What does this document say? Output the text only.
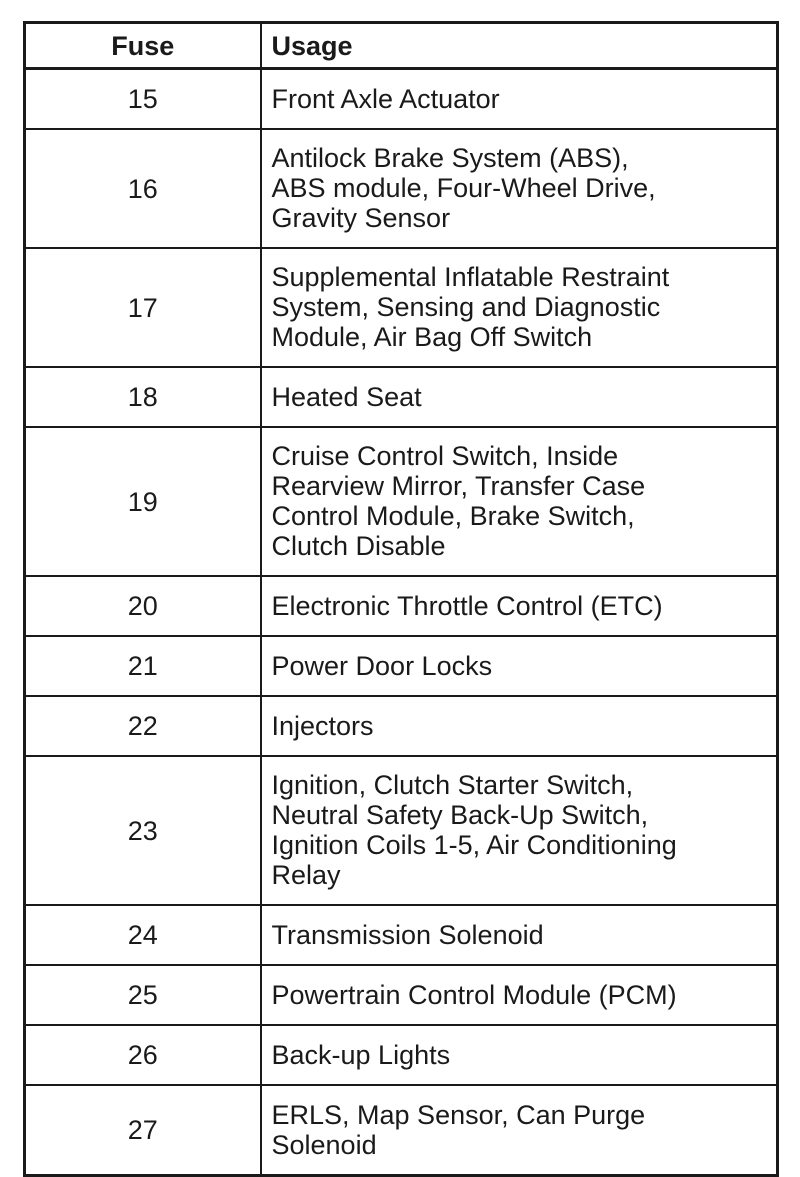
Fuse	Usage
15	Front Axle Actuator
16	Antilock Brake System (ABS),
ABS module, Four-Wheel Drive,
Gravity Sensor
17	Supplemental Inflatable Restraint
System, Sensing and Diagnostic
Module, Air Bag Off Switch
18	Heated Seat
19	Cruise Control Switch, Inside
Rearview Mirror, Transfer Case
Control Module, Brake Switch,
Clutch Disable
20	Electronic Throttle Control (ETC)
21	Power Door Locks
22	Injectors
23	Ignition, Clutch Starter Switch,
Neutral Safety Back-Up Switch,
Ignition Coils 1-5, Air Conditioning
Relay
24	Transmission Solenoid
25	Powertrain Control Module (PCM)
26	Back-up Lights
27	ERLS, Map Sensor, Can Purge
Solenoid
